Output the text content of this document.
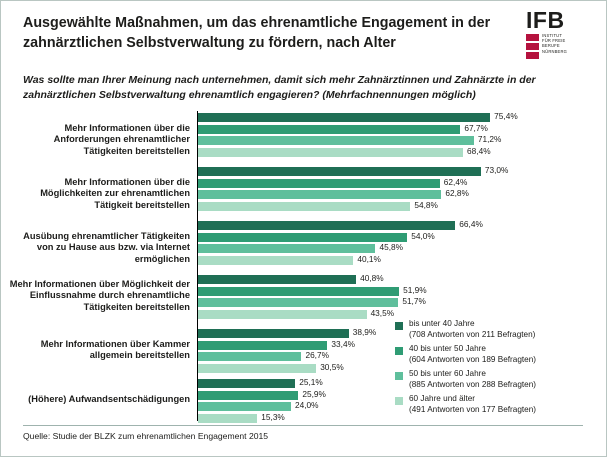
Ausgewählte Maßnahmen, um das ehrenamtliche Engagement in der zahnärztlichen Selbstverwaltung zu fördern, nach Alter
IFB
INSTITUT
FÜR FREIE
BERUFE
NÜRNBERG
Was sollte man Ihrer Meinung nach unternehmen, damit sich mehr Zahnärztinnen und Zahnärzte in der zahnärztlichen Selbstverwaltung ehrenamtlich engagieren? (Mehrfachnennungen möglich)
Mehr Informationen über die Anforderungen ehrenamtlicher Tätigkeiten bereitstellen
75,4%
67,7%
71,2%
68,4%
Mehr Informationen über die Möglichkeiten zur ehrenamtlichen Tätigkeit bereitstellen
73,0%
62,4%
62,8%
54,8%
Ausübung ehrenamtlicher Tätigkeiten von zu Hause aus bzw. via Internet ermöglichen
66,4%
54,0%
45,8%
40,1%
Mehr Informationen über Möglichkeit der Einflussnahme durch ehrenamtliche Tätigkeiten bereitstellen
40,8%
51,9%
51,7%
43,5%
Mehr Informationen über Kammer allgemein bereitstellen
38,9%
33,4%
26,7%
30,5%
(Höhere) Aufwandsentschädigungen
25,1%
25,9%
24,0%
15,3%
bis unter 40 Jahre
(708 Antworten von 211 Befragten)
40 bis unter 50 Jahre
(604 Antworten von 189 Befragten)
50 bis unter 60 Jahre
(885 Antworten von 288 Befragten)
60 Jahre und älter
(491 Antworten von 177 Befragten)
Quelle: Studie der BLZK zum ehrenamtlichen Engagement 2015
